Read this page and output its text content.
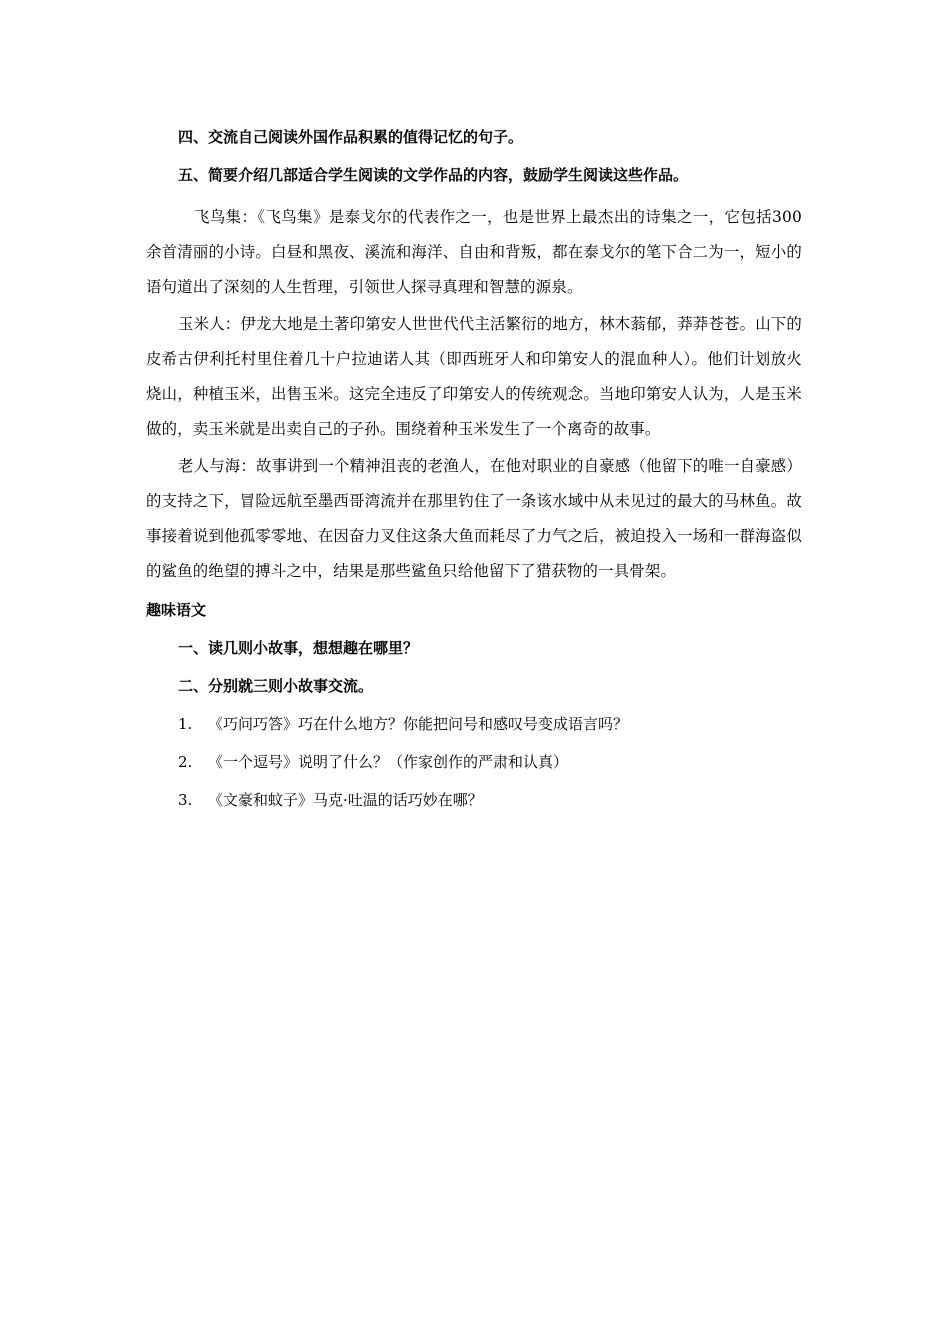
四、交流自己阅读外国作品积累的值得记忆的句子。
五、简要介绍几部适合学生阅读的文学作品的内容，鼓励学生阅读这些作品。

飞鸟集：《飞鸟集》是泰戈尔的代表作之一，也是世界上最杰出的诗集之一，它包括300余首清丽的小诗。白昼和黑夜、溪流和海洋、自由和背叛，都在泰戈尔的笔下合二为一，短小的语句道出了深刻的人生哲理，引领世人探寻真理和智慧的源泉。

玉米人：伊龙大地是土著印第安人世世代代主活繁衍的地方，林木蓊郁，莽莽苍苍。山下的皮希古伊利托村里住着几十户拉迪诺人其（即西班牙人和印第安人的混血种人）。他们计划放火烧山，种植玉米，出售玉米。这完全违反了印第安人的传统观念。当地印第安人认为，人是玉米做的，卖玉米就是出卖自己的子孙。围绕着种玉米发生了一个离奇的故事。

老人与海：故事讲到一个精神沮丧的老渔人，在他对职业的自豪感（他留下的唯一自豪感）的支持之下，冒险远航至墨西哥湾流并在那里钓住了一条该水域中从未见过的最大的马林鱼。故事接着说到他孤零零地、在因奋力叉住这条大鱼而耗尽了力气之后，被迫投入一场和一群海盗似的鲨鱼的绝望的搏斗之中，结果是那些鲨鱼只给他留下了猎获物的一具骨架。

趣味语文
一、读几则小故事，想想趣在哪里？
二、分别就三则小故事交流。
1. 《巧问巧答》巧在什么地方？你能把问号和感叹号变成语言吗？
2. 《一个逗号》说明了什么？（作家创作的严肃和认真）
3. 《文豪和蚊子》马克·吐温的话巧妙在哪？
